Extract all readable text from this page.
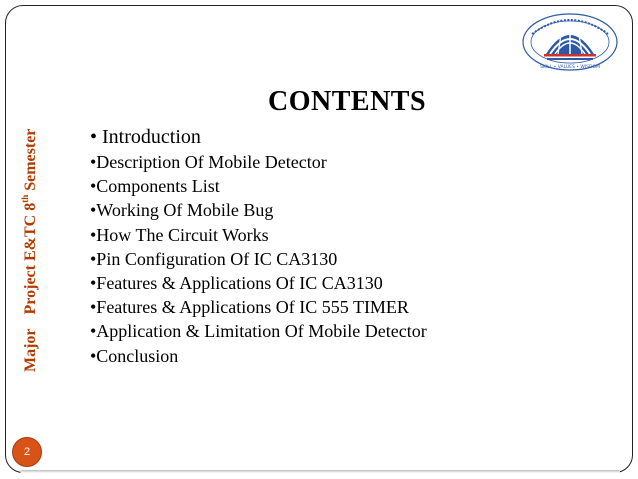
MajorProject E&TC 8th Semester
SKILL • VALUES • WISDOM
CONTENTS
• Introduction
•Description Of Mobile Detector
•Components List
•Working Of Mobile Bug
•How The Circuit Works
•Pin Configuration Of IC CA3130
•Features & Applications Of IC CA3130
•Features & Applications Of IC 555 TIMER
•Application & Limitation Of Mobile Detector
•Conclusion
2
